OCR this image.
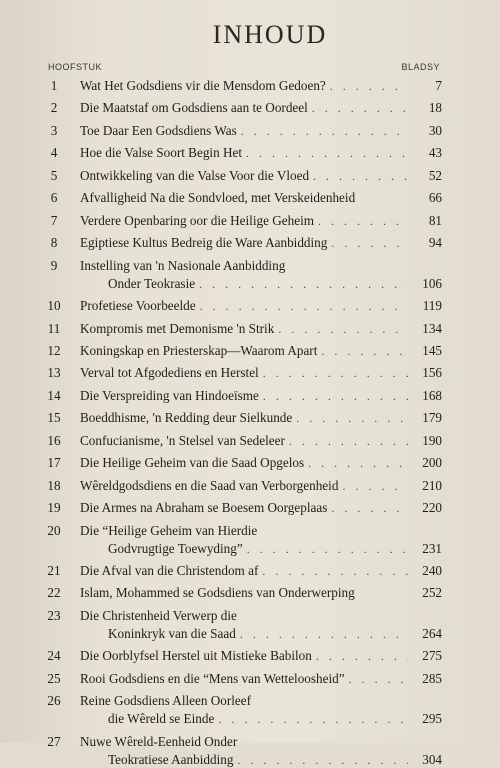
INHOUD
HOOFSTUK	BLADSY
1	Wat Het Godsdiens vir die Mensdom Gedoen? . . .	7
2	Die Maatstaf om Godsdiens aan te Oordeel . . .	18
3	Toe Daar Een Godsdiens Was . . .	30
4	Hoe die Valse Soort Begin Het . . .	43
5	Ontwikkeling van die Valse Voor die Vloed . . .	52
6	Afvalligheid Na die Sondvloed, met Verskeidenheid	66
7	Verdere Openbaring oor die Heilige Geheim . . .	81
8	Egiptiese Kultus Bedreig die Ware Aanbidding . . .	94
9	Instelling van 'n Nasionale Aanbidding
Onder Teokrasie . . .	106
10	Profetiese Voorbeelde . . .	119
11	Kompromis met Demonisme 'n Strik . . .	134
12	Koningskap en Priesterskap—Waarom Apart . . .	145
13	Verval tot Afgodediens en Herstel . . .	156
14	Die Verspreiding van Hindoeïsme . . .	168
15	Boeddhisme, 'n Redding deur Sielkunde . . .	179
16	Confucianisme, 'n Stelsel van Sedeleer . . .	190
17	Die Heilige Geheim van die Saad Opgelos . . .	200
18	Wêreldgodsdiens en die Saad van Verborgenheid . . .	210
19	Die Armes na Abraham se Boesem Oorgeplaas . . .	220
20	Die “Heilige Geheim van Hierdie
Godvrugtige Toewyding” . . .	231
21	Die Afval van die Christendom af . . .	240
22	Islam, Mohammed se Godsdiens van Onderwerping	252
23	Die Christenheid Verwerp die
Koninkryk van die Saad . . .	264
24	Die Oorblyfsel Herstel uit Mistieke Babilon . . .	275
25	Rooi Godsdiens en die “Mens van Wetteloosheid” . . .	285
26	Reine Godsdiens Alleen Oorleef
die Wêreld se Einde . . .	295
27	Nuwe Wêreld-Eenheid Onder
Teokratiese Aanbidding . . .	304
